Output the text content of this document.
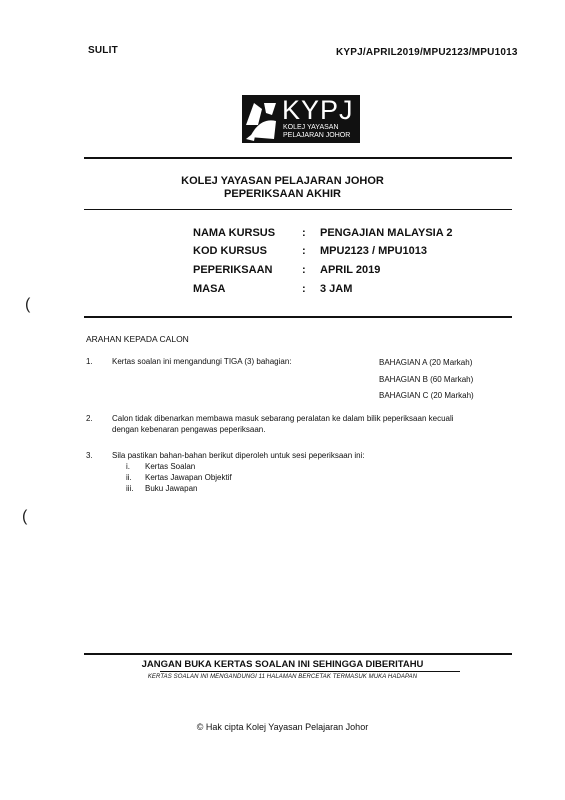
SULIT	KYPJ/APRIL2019/MPU2123/MPU1013
KYPJ
KOLEJ YAYASAN
PELAJARAN JOHOR
KOLEJ YAYASAN PELAJARAN JOHOR
PEPERIKSAAN AKHIR
NAMA KURSUS : PENGAJIAN MALAYSIA 2
KOD KURSUS	: MPU2123 / MPU1013
PEPERIKSAAN	: APRIL 2019
MASA	: 3 JAM
ARAHAN KEPADA CALON
1. Kertas soalan ini mengandungi TIGA (3) bahagian:	BAHAGIAN A (20 Markah)
BAHAGIAN B (60 Markah)
BAHAGIAN C (20 Markah)
2. Calon tidak dibenarkan membawa masuk sebarang peralatan ke dalam bilik peperiksaan kecuali
dengan kebenaran pengawas peperiksaan.
3. Sila pastikan bahan-bahan berikut diperoleh untuk sesi peperiksaan ini:
i. Kertas Soalan
ii. Kertas Jawapan Objektif
iii. Buku Jawapan
JANGAN BUKA KERTAS SOALAN INI SEHINGGA DIBERITAHU
KERTAS SOALAN INI MENGANDUNGI 11 HALAMAN BERCETAK TERMASUK MUKA HADAPAN
© Hak cipta Kolej Yayasan Pelajaran Johor
(
(
